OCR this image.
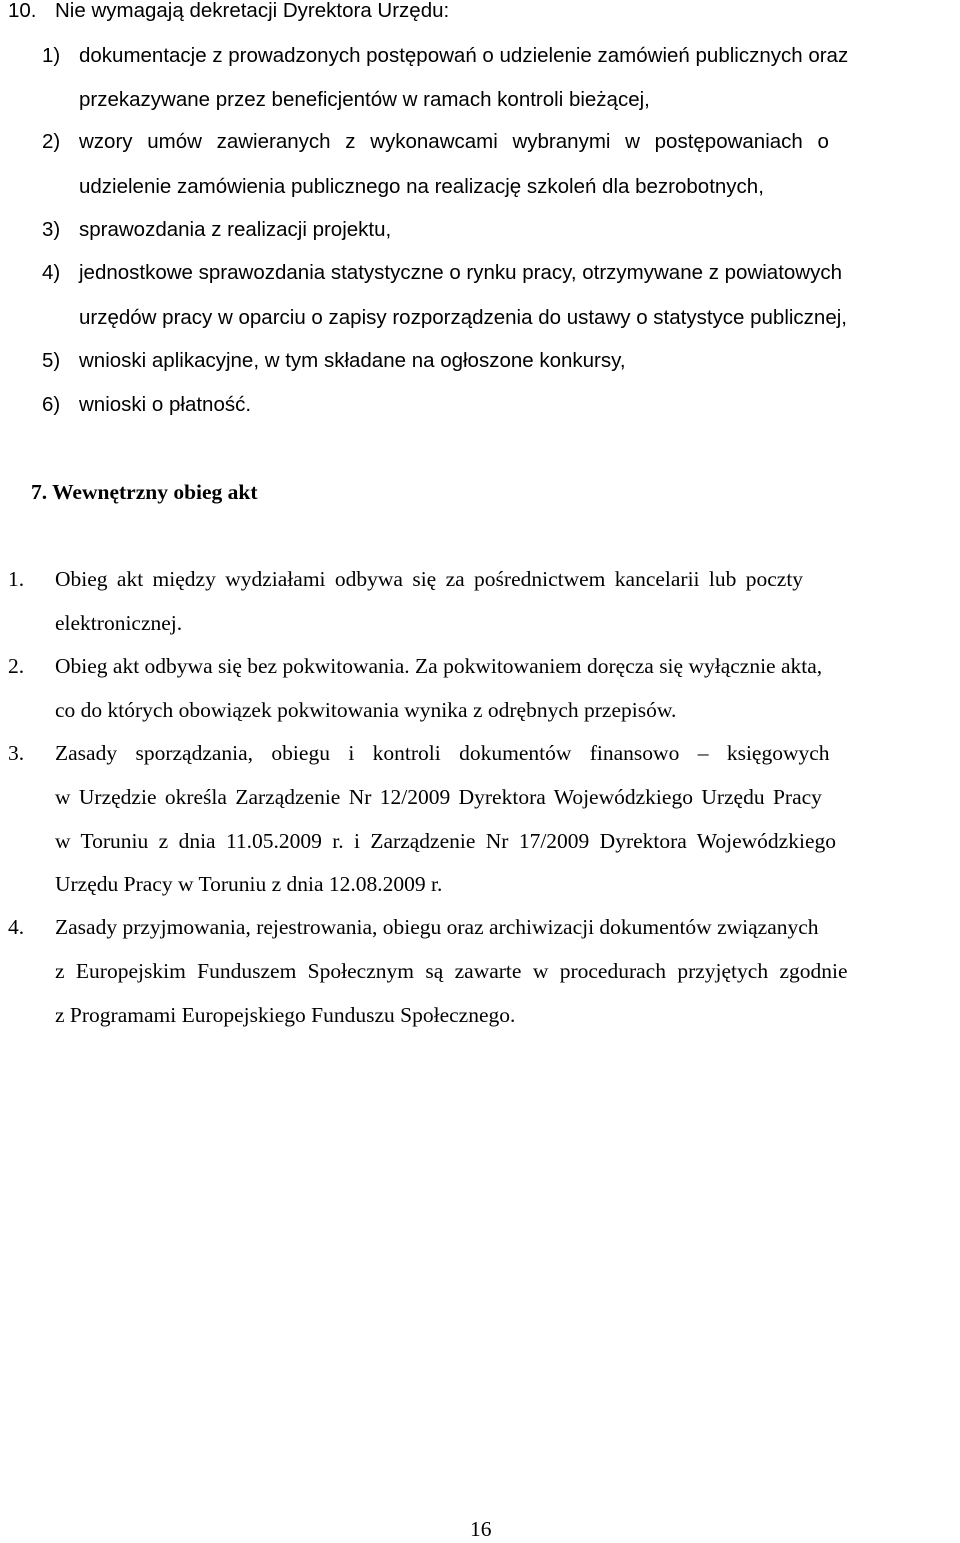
10. Nie wymagają dekretacji Dyrektora Urzędu:
1) dokumentacje z prowadzonych postępowań o udzielenie zamówień publicznych oraz
przekazywane przez beneficjentów w ramach kontroli bieżącej,
2) wzory umów zawieranych z wykonawcami wybranymi w postępowaniach o
udzielenie zamówienia publicznego na realizację szkoleń dla bezrobotnych,
3) sprawozdania z realizacji projektu,
4) jednostkowe sprawozdania statystyczne o rynku pracy, otrzymywane z powiatowych
urzędów pracy w oparciu o zapisy rozporządzenia do ustawy o statystyce publicznej,
5) wnioski aplikacyjne, w tym składane na ogłoszone konkursy,
6) wnioski o płatność.
7. Wewnętrzny obieg akt
1. Obieg akt między wydziałami odbywa się za pośrednictwem kancelarii lub poczty
elektronicznej.
2. Obieg akt odbywa się bez pokwitowania. Za pokwitowaniem doręcza się wyłącznie akta,
co do których obowiązek pokwitowania wynika z odrębnych przepisów.
3. Zasady sporządzania, obiegu i kontroli dokumentów finansowo – księgowych
w Urzędzie określa Zarządzenie Nr 12/2009 Dyrektora Wojewódzkiego Urzędu Pracy
w Toruniu z dnia 11.05.2009 r. i Zarządzenie Nr 17/2009 Dyrektora Wojewódzkiego
Urzędu Pracy w Toruniu z dnia 12.08.2009 r.
4. Zasady przyjmowania, rejestrowania, obiegu oraz archiwizacji dokumentów związanych
z Europejskim Funduszem Społecznym są zawarte w procedurach przyjętych zgodnie
z Programami Europejskiego Funduszu Społecznego.
16
